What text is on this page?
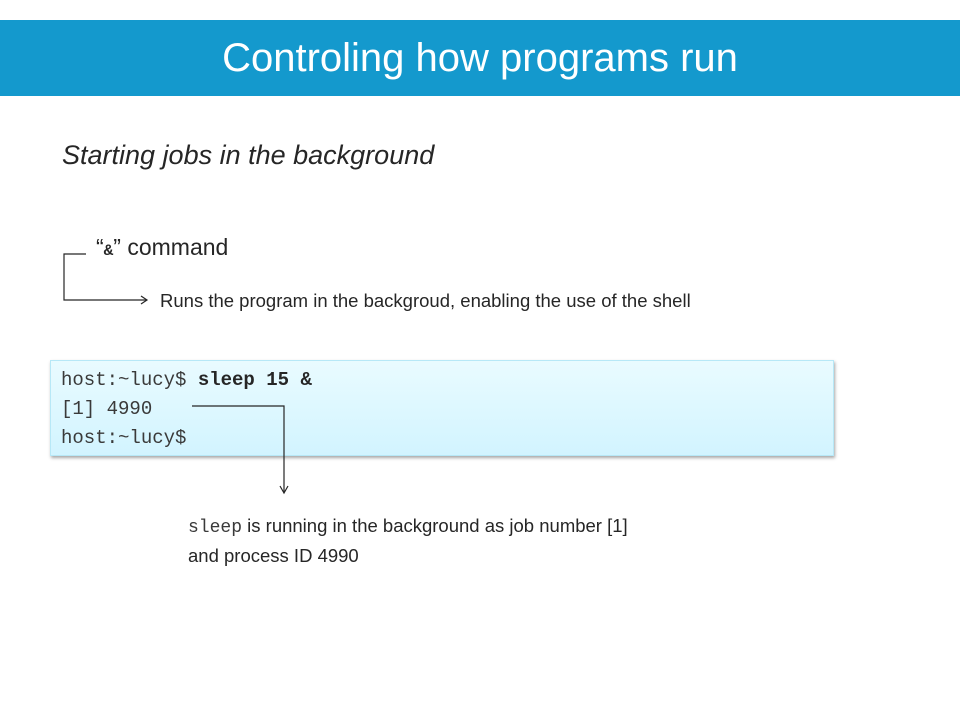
Controling how programs run
Starting jobs in the background
“&” command
Runs the program in the backgroud, enabling the use of the shell
host:~lucy$ sleep 15 &
[1] 4990
host:~lucy$
sleep is running in the background as job number [1]
and process ID 4990
